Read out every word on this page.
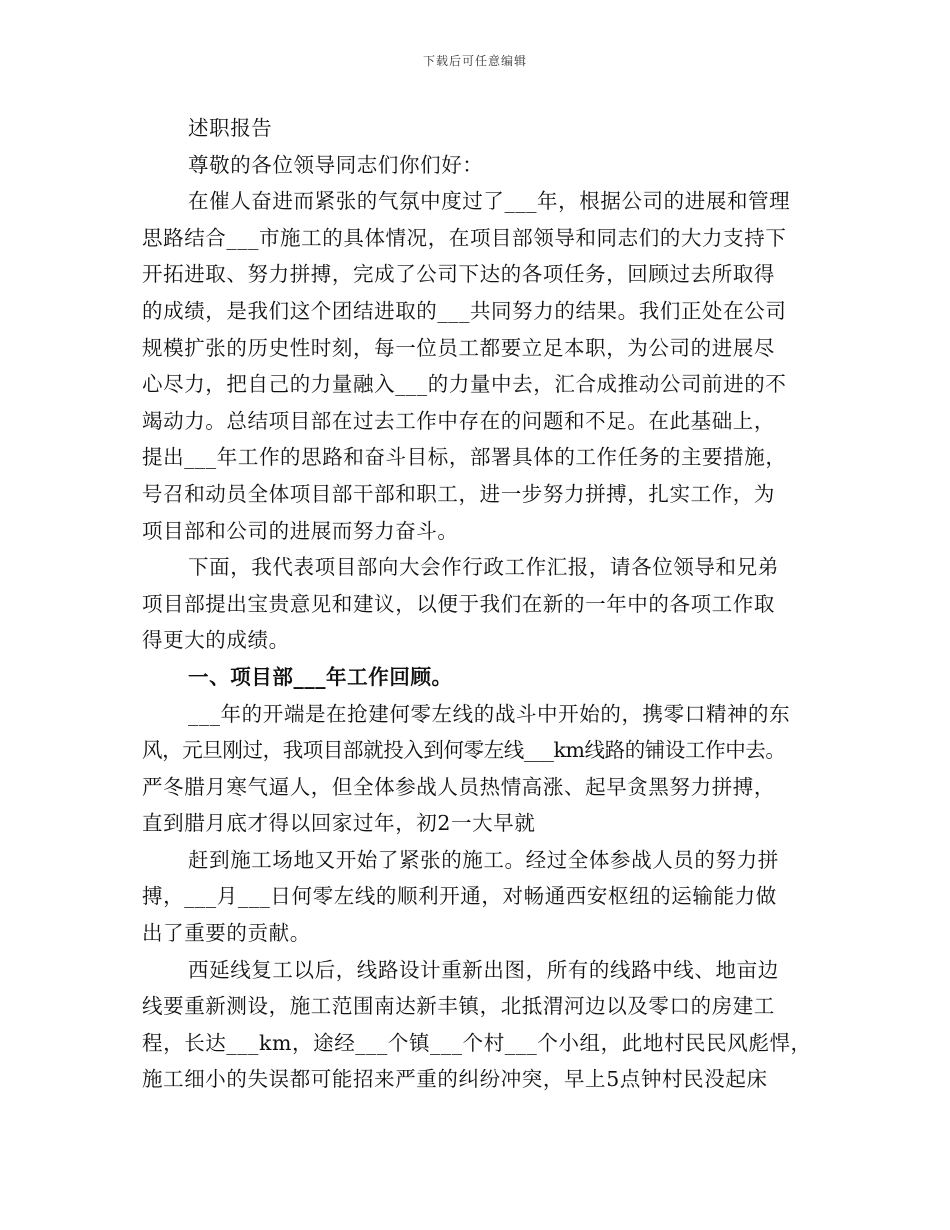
下载后可任意编辑
述职报告
尊敬的各位领导同志们你们好：
在催人奋进而紧张的气氛中度过了___年，根据公司的进展和管理
思路结合___市施工的具体情况，在项目部领导和同志们的大力支持下
开拓进取、努力拼搏，完成了公司下达的各项任务，回顾过去所取得
的成绩，是我们这个团结进取的___共同努力的结果。我们正处在公司
规模扩张的历史性时刻，每一位员工都要立足本职，为公司的进展尽
心尽力，把自己的力量融入___的力量中去，汇合成推动公司前进的不
竭动力。总结项目部在过去工作中存在的问题和不足。在此基础上，
提出___年工作的思路和奋斗目标，部署具体的工作任务的主要措施，
号召和动员全体项目部干部和职工，进一步努力拼搏，扎实工作，为
项目部和公司的进展而努力奋斗。
下面，我代表项目部向大会作行政工作汇报，请各位领导和兄弟
项目部提出宝贵意见和建议，以便于我们在新的一年中的各项工作取
得更大的成绩。
一、项目部___年工作回顾。
___年的开端是在抢建何零左线的战斗中开始的，携零口精神的东
风，元旦刚过，我项目部就投入到何零左线___km线路的铺设工作中去。
严冬腊月寒气逼人，但全体参战人员热情高涨、起早贪黑努力拼搏，
直到腊月底才得以回家过年，初2一大早就
赶到施工场地又开始了紧张的施工。经过全体参战人员的努力拼
搏，___月___日何零左线的顺利开通，对畅通西安枢纽的运输能力做
出了重要的贡献。
西延线复工以后，线路设计重新出图，所有的线路中线、地亩边
线要重新测设，施工范围南达新丰镇，北抵渭河边以及零口的房建工
程，长达___km，途经___个镇___个村___个小组，此地村民民风彪悍，
施工细小的失误都可能招来严重的纠纷冲突，早上5点钟村民没起床
